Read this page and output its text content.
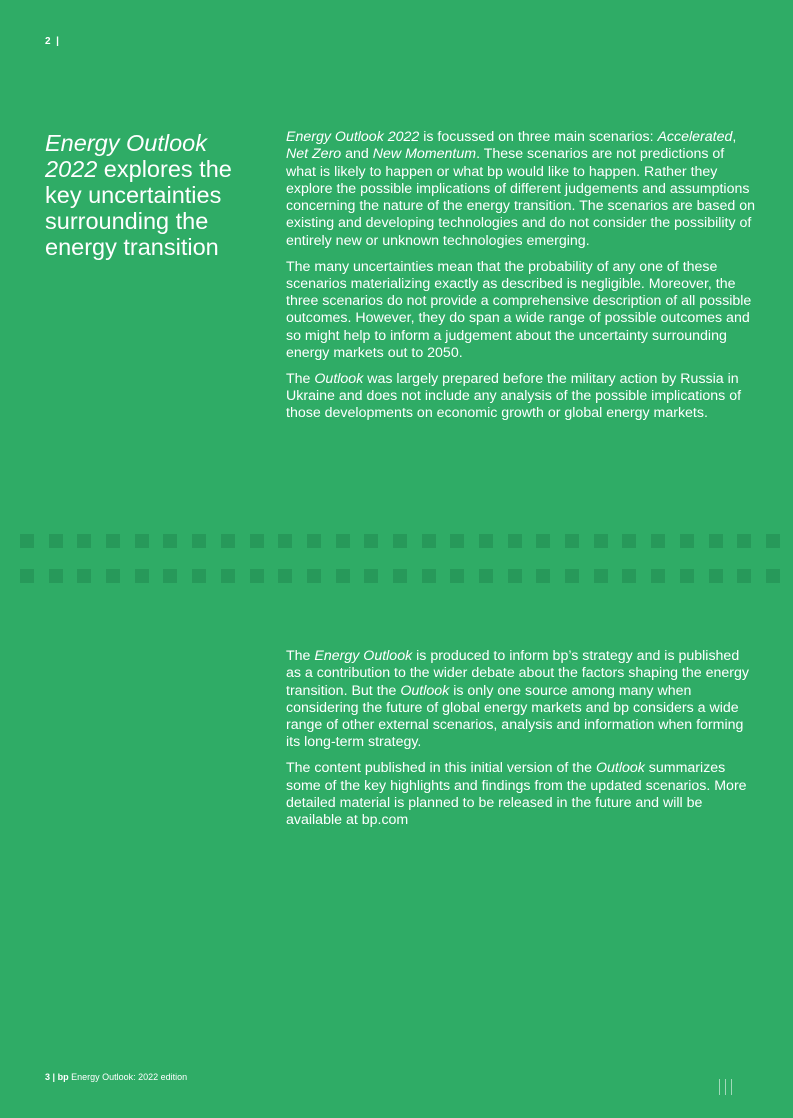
2 |
Energy Outlook 2022 explores the key uncertainties surrounding the energy transition

Energy Outlook 2022 is focussed on three main scenarios: Accelerated, Net Zero and New Momentum. These scenarios are not predictions of what is likely to happen or what bp would like to happen. Rather they explore the possible implications of different judgements and assumptions concerning the nature of the energy transition. The scenarios are based on existing and developing technologies and do not consider the possibility of entirely new or unknown technologies emerging.

The many uncertainties mean that the probability of any one of these scenarios materializing exactly as described is negligible. Moreover, the three scenarios do not provide a comprehensive description of all possible outcomes. However, they do span a wide range of possible outcomes and so might help to inform a judgement about the uncertainty surrounding energy markets out to 2050.

The Outlook was largely prepared before the military action by Russia in Ukraine and does not include any analysis of the possible implications of those developments on economic growth or global energy markets.

The Energy Outlook is produced to inform bp’s strategy and is published as a contribution to the wider debate about the factors shaping the energy transition. But the Outlook is only one source among many when considering the future of global energy markets and bp considers a wide range of other external scenarios, analysis and information when forming its long-term strategy.

The content published in this initial version of the Outlook summarizes some of the key highlights and findings from the updated scenarios. More detailed material is planned to be released in the future and will be available at bp.com

3 | bp Energy Outlook: 2022 edition
